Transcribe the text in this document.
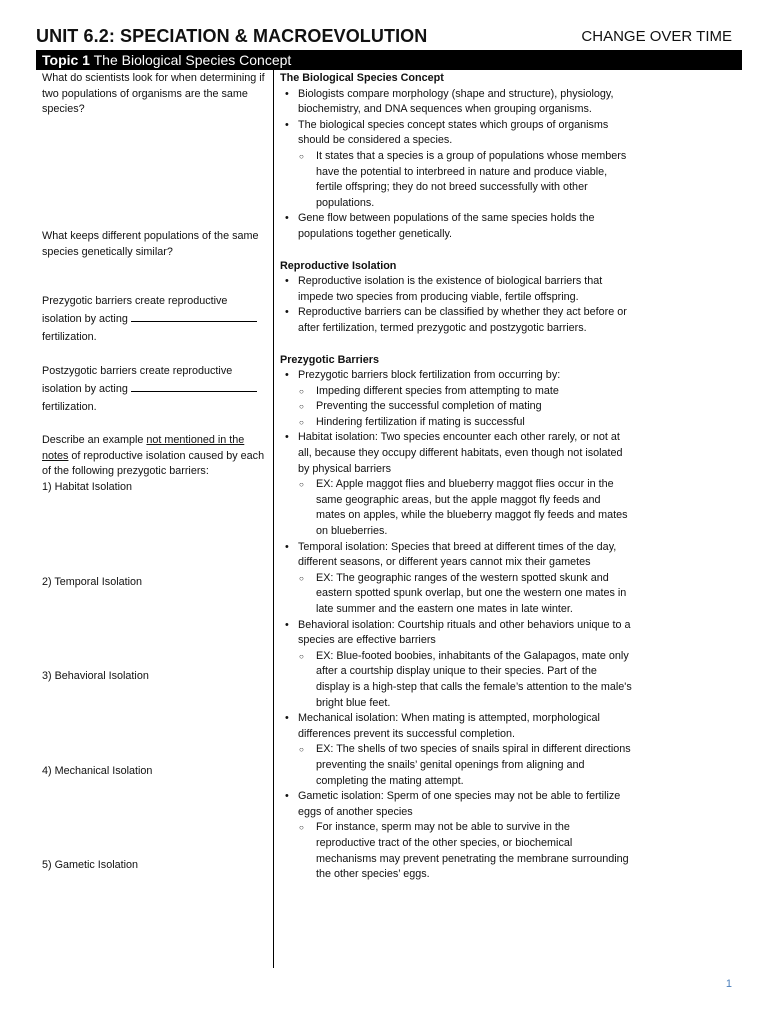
UNIT 6.2: SPECIATION & MACROEVOLUTION	CHANGE OVER TIME
Topic 1 The Biological Species Concept
What do scientists look for when determining if two populations of organisms are the same species?
What keeps different populations of the same species genetically similar?
Prezygotic barriers create reproductive isolation by acting  fertilization.
Postzygotic barriers create reproductive isolation by acting  fertilization.
Describe an example not mentioned in the notes of reproductive isolation caused by each of the following prezygotic barriers:
1) Habitat Isolation
2) Temporal Isolation
3) Behavioral Isolation
4) Mechanical Isolation
5) Gametic Isolation

The Biological Species Concept

• Biologists compare morphology (shape and structure), physiology, biochemistry, and DNA sequences when grouping organisms.
• The biological species concept states which groups of organisms should be considered a species.
○ It states that a species is a group of populations whose members have the potential to interbreed in nature and produce viable, fertile offspring; they do not breed successfully with other populations.
• Gene flow between populations of the same species holds the populations together genetically.

Reproductive Isolation

• Reproductive isolation is the existence of biological barriers that impede two species from producing viable, fertile offspring.
• Reproductive barriers can be classified by whether they act before or after fertilization, termed prezygotic and postzygotic barriers.

Prezygotic Barriers

• Prezygotic barriers block fertilization from occurring by:
○ Impeding different species from attempting to mate
○ Preventing the successful completion of mating
○ Hindering fertilization if mating is successful
• Habitat isolation: Two species encounter each other rarely, or not at all, because they occupy different habitats, even though not isolated by physical barriers
○ EX: Apple maggot flies and blueberry maggot flies occur in the same geographic areas, but the apple maggot fly feeds and mates on apples, while the blueberry maggot fly feeds and mates on blueberries.
• Temporal isolation: Species that breed at different times of the day, different seasons, or different years cannot mix their gametes
○ EX: The geographic ranges of the western spotted skunk and eastern spotted spunk overlap, but one the western one mates in late summer and the eastern one mates in late winter.
• Behavioral isolation: Courtship rituals and other behaviors unique to a species are effective barriers
○ EX: Blue-footed boobies, inhabitants of the Galapagos, mate only after a courtship display unique to their species. Part of the display is a high-step that calls the female’s attention to the male's bright blue feet.
• Mechanical isolation: When mating is attempted, morphological differences prevent its successful completion.
○ EX: The shells of two species of snails spiral in different directions preventing the snails’ genital openings from aligning and completing the mating attempt.
• Gametic isolation: Sperm of one species may not be able to fertilize eggs of another species
○ For instance, sperm may not be able to survive in the reproductive tract of the other species, or biochemical mechanisms may prevent penetrating the membrane surrounding the other species’ eggs.
1
